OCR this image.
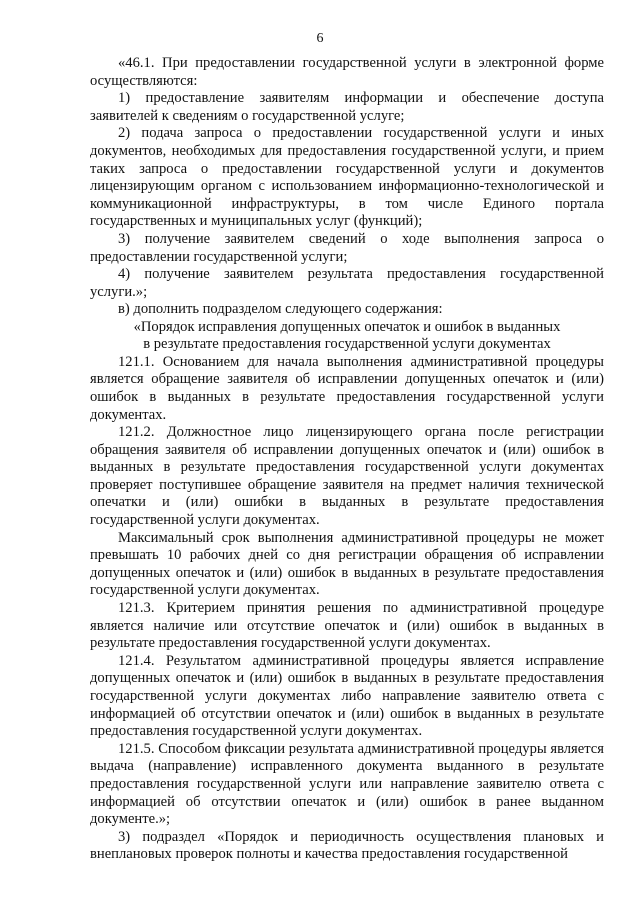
6

«46.1. При предоставлении государственной услуги в электронной форме осуществляются:

1) предоставление заявителям информации и обеспечение доступа заявителей к сведениям о государственной услуге;

2) подача запроса о предоставлении государственной услуги и иных документов, необходимых для предоставления государственной услуги, и прием таких запроса о предоставлении государственной услуги и документов лицензирующим органом с использованием информационно-технологической и коммуникационной инфраструктуры, в том числе Единого портала государственных и муниципальных услуг (функций);

3) получение заявителем сведений о ходе выполнения запроса о предоставлении государственной услуги;

4) получение заявителем результата предоставления государственной услуги.»;

в) дополнить подразделом следующего содержания:

«Порядок исправления допущенных опечаток и ошибок в выданных
в результате предоставления государственной услуги документах

121.1. Основанием для начала выполнения административной процедуры является обращение заявителя об исправлении допущенных опечаток и (или) ошибок в выданных в результате предоставления государственной услуги документах.

121.2. Должностное лицо лицензирующего органа после регистрации обращения заявителя об исправлении допущенных опечаток и (или) ошибок в выданных в результате предоставления государственной услуги документах проверяет поступившее обращение заявителя на предмет наличия технической опечатки и (или) ошибки в выданных в результате предоставления государственной услуги документах.

Максимальный срок выполнения административной процедуры не может превышать 10 рабочих дней со дня регистрации обращения об исправлении допущенных опечаток и (или) ошибок в выданных в результате предоставления государственной услуги документах.

121.3. Критерием принятия решения по административной процедуре является наличие или отсутствие опечаток и (или) ошибок в выданных в результате предоставления государственной услуги документах.

121.4. Результатом административной процедуры является исправление допущенных опечаток и (или) ошибок в выданных в результате предоставления государственной услуги документах либо направление заявителю ответа с информацией об отсутствии опечаток и (или) ошибок в выданных в результате предоставления государственной услуги документах.

121.5. Способом фиксации результата административной процедуры является выдача (направление) исправленного документа выданного в результате предоставления государственной услуги или направление заявителю ответа с информацией об отсутствии опечаток и (или) ошибок в ранее выданном документе.»;

3) подраздел «Порядок и периодичность осуществления плановых и внеплановых проверок полноты и качества предоставления государственной
